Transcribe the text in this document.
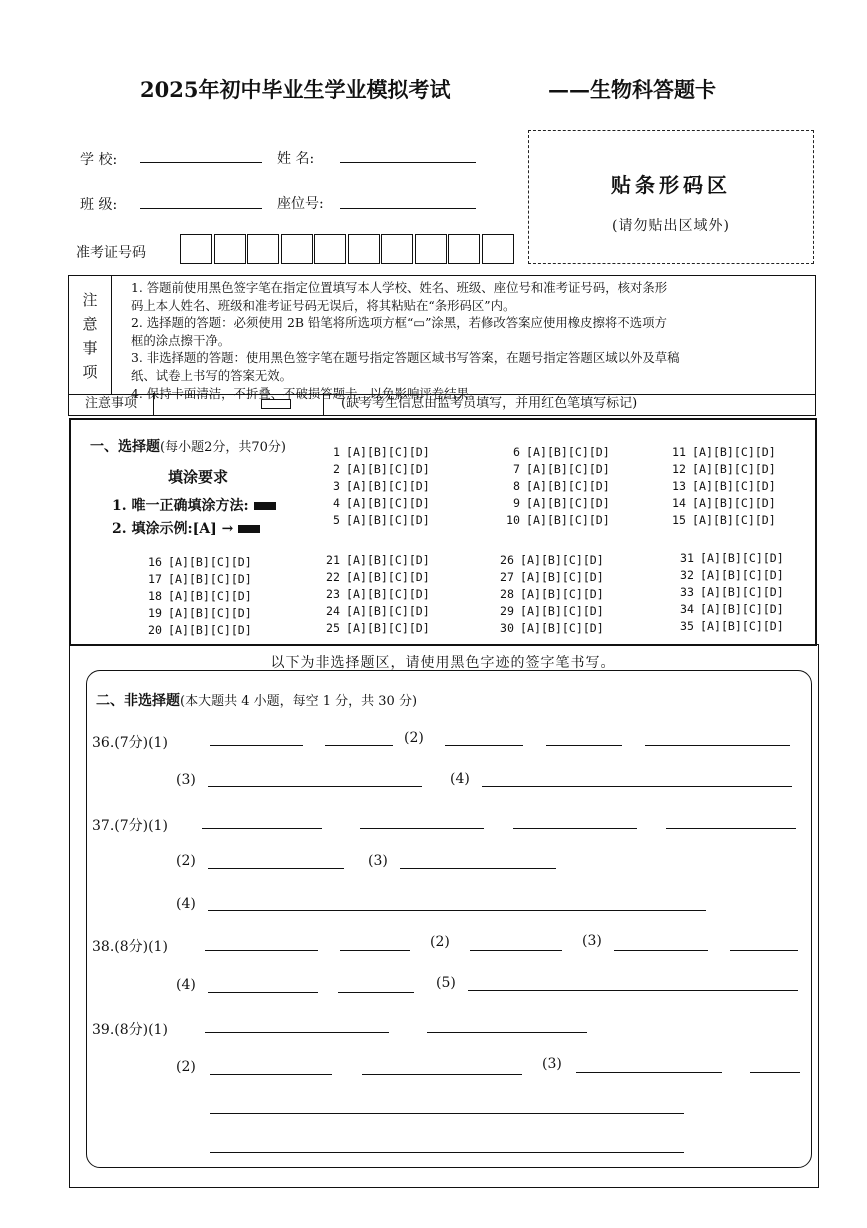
2025年初中毕业生学业模拟考试	——生物科答题卡
学 校:	姓 名:
班 级:	座位号:
准考证号码
贴条形码区
(请勿贴出区域外)
注
意
事
项

1. 答题前使用黑色签字笔在指定位置填写本人学校、姓名、班级、座位号和准考证号码，核对条形

码上本人姓名、班级和准考证号码无误后，将其粘贴在“条形码区”内。

2. 选择题的答题：必须使用 2B 铅笔将所选项方框“▭”涂黑，若修改答案应使用橡皮擦将不选项方

框的涂点擦干净。

3. 非选择题的答题：使用黑色签字笔在题号指定答题区域书写答案，在题号指定答题区域以外及草稿

纸、试卷上书写的答案无效。

4. 保持卡面清洁，不折叠、不破损答题卡，以免影响评卷结果。

注意事项	(缺考考生信息由监考员填写，并用红色笔填写标记)
一、选择题(每小题2分，共70分)
填涂要求
1. 唯一正确填涂方法:
2. 填涂示例:[A] →
1 [A][B][C][D]
2 [A][B][C][D]
3 [A][B][C][D]
4 [A][B][C][D]
5 [A][B][C][D]
6 [A][B][C][D]
7 [A][B][C][D]
8 [A][B][C][D]
9 [A][B][C][D]
10 [A][B][C][D]
11 [A][B][C][D]
12 [A][B][C][D]
13 [A][B][C][D]
14 [A][B][C][D]
15 [A][B][C][D]
16 [A][B][C][D]
17 [A][B][C][D]
18 [A][B][C][D]
19 [A][B][C][D]
20 [A][B][C][D]
21 [A][B][C][D]
22 [A][B][C][D]
23 [A][B][C][D]
24 [A][B][C][D]
25 [A][B][C][D]
26 [A][B][C][D]
27 [A][B][C][D]
28 [A][B][C][D]
29 [A][B][C][D]
30 [A][B][C][D]
31 [A][B][C][D]
32 [A][B][C][D]
33 [A][B][C][D]
34 [A][B][C][D]
35 [A][B][C][D]
以下为非选择题区，请使用黑色字迹的签字笔书写。
二、非选择题(本大题共 4 小题，每空 1 分，共 30 分)
36.(7分)(1)	(2)
(3)	(4)
37.(7分)(1)
(2)	(3)
(4)
38.(8分)(1)	(2)	(3)
(4)	(5)
39.(8分)(1)
(2)	(3)
